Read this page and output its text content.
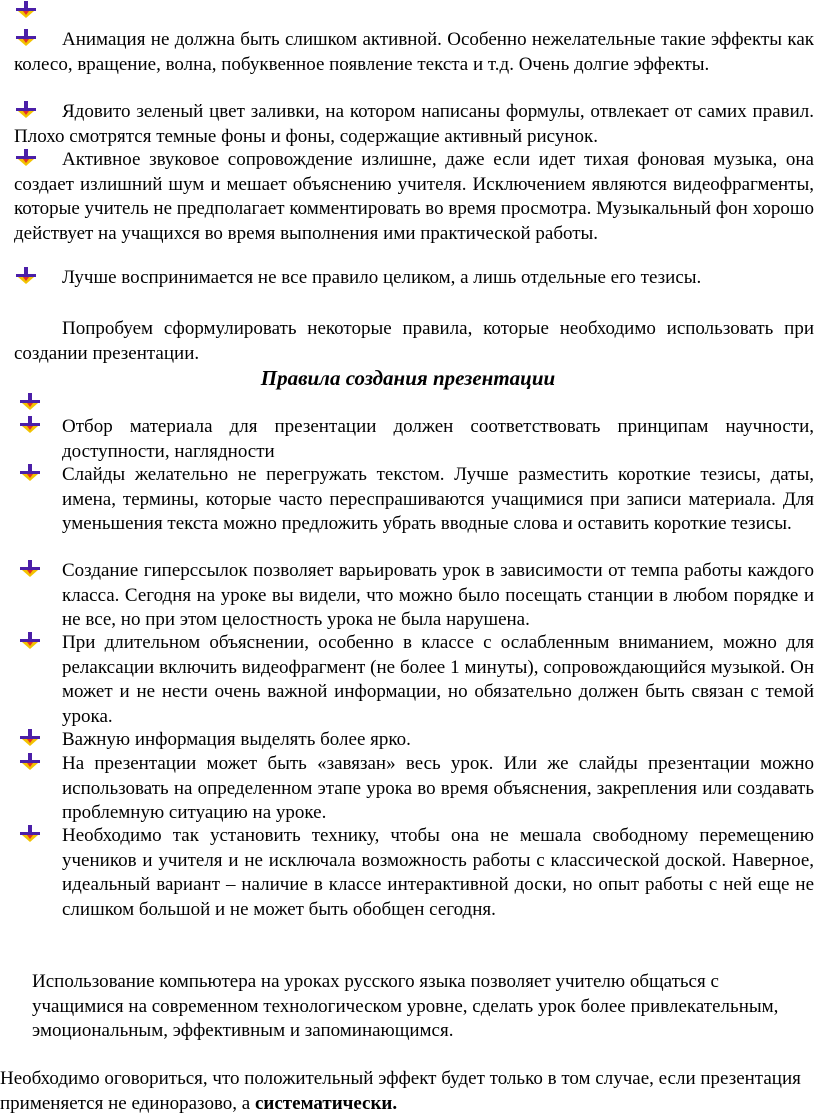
Анимация не должна быть слишком активной. Особенно нежелательные такие эффекты как колесо, вращение, волна, побуквенное появление текста и т.д. Очень долгие эффекты.

Ядовито зеленый цвет заливки, на котором написаны формулы, отвлекает от самих правил. Плохо смотрятся темные фоны и фоны, содержащие активный рисунок.

Активное звуковое сопровождение излишне, даже если идет тихая фоновая музыка, она создает излишний шум и мешает объяснению учителя. Исключением являются видеофрагменты, которые учитель не предполагает комментировать во время просмотра. Музыкальный фон хорошо действует на учащихся во время выполнения ими практической работы.

Лучше воспринимается не все правило целиком, а лишь отдельные его тезисы.

Попробуем сформулировать некоторые правила, которые необходимо использовать при создании презентации.

Правила создания презентации

Отбор материала для презентации должен соответствовать принципам научности, доступности, наглядности

Слайды желательно не перегружать текстом. Лучше разместить короткие тезисы, даты, имена, термины, которые часто переспрашиваются учащимися при записи материала. Для уменьшения текста можно предложить убрать вводные слова и оставить короткие тезисы.

Создание гиперссылок позволяет варьировать урок в зависимости от темпа работы каждого класса. Сегодня на уроке вы видели, что можно было посещать станции в любом порядке и не все, но при этом целостность урока не была нарушена.

При длительном объяснении, особенно в классе с ослабленным вниманием, можно для релаксации включить видеофрагмент (не более 1 минуты), сопровождающийся музыкой. Он может и не нести очень важной информации, но обязательно должен быть связан с темой урока.

Важную информация выделять более ярко.

На презентации может быть «завязан» весь урок. Или же слайды презентации можно использовать на определенном этапе урока во время объяснения, закрепления или создавать проблемную ситуацию на уроке.

Необходимо так установить технику, чтобы она не мешала свободному перемещению учеников и учителя и не исключала возможность работы с классической доской. Наверное, идеальный вариант – наличие в классе интерактивной доски, но опыт работы с ней еще не слишком большой и не может быть обобщен сегодня.

Использование компьютера на уроках русского языка позволяет учителю общаться с учащимися на современном технологическом уровне, сделать урок более привлекательным, эмоциональным, эффективным и запоминающимся.

Необходимо оговориться, что положительный эффект будет только в том случае, если презентация применяется не единоразово, а систематически.
